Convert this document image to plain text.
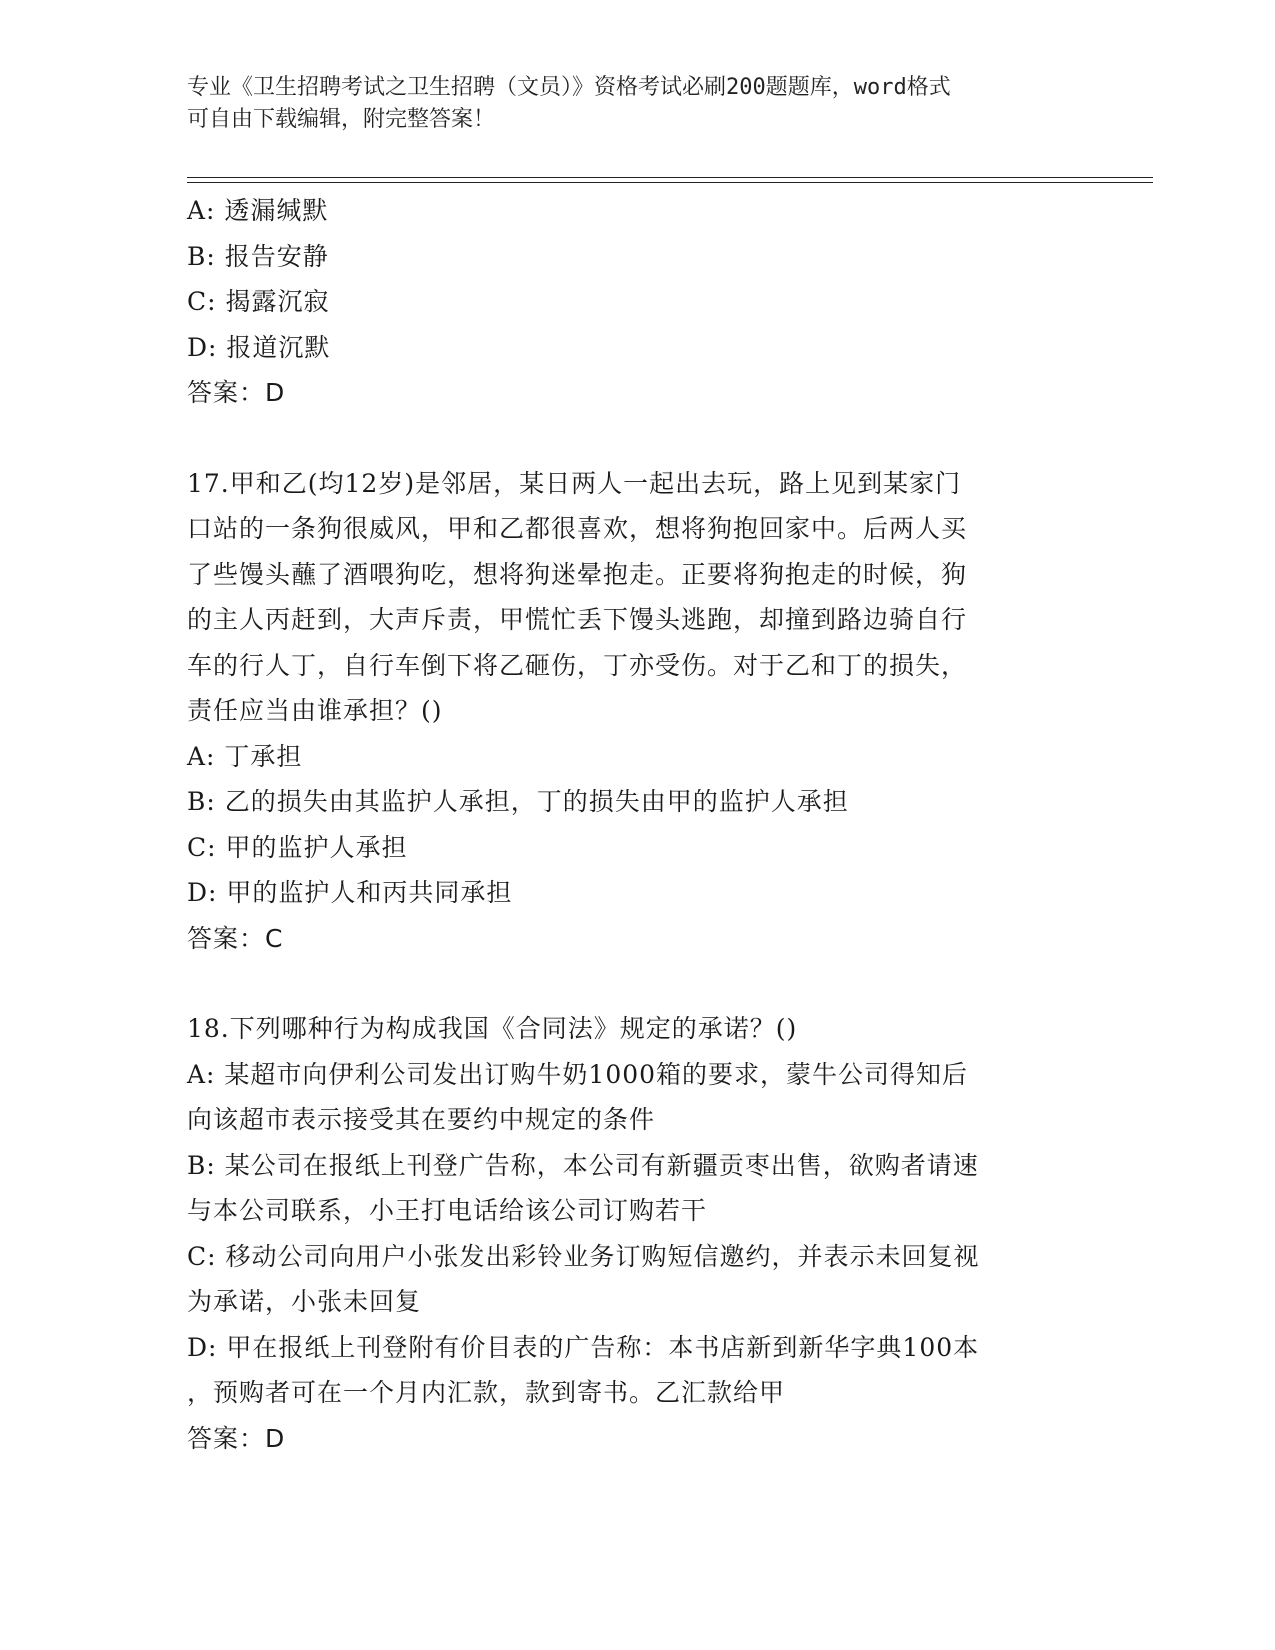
专业《卫生招聘考试之卫生招聘（文员）》资格考试必刷200题题库，word格式
可自由下载编辑，附完整答案！
A: 透漏缄默
B: 报告安静
C: 揭露沉寂
D: 报道沉默
答案：D
17.甲和乙(均12岁)是邻居，某日两人一起出去玩，路上见到某家门
口站的一条狗很威风，甲和乙都很喜欢，想将狗抱回家中。后两人买
了些馒头蘸了酒喂狗吃，想将狗迷晕抱走。正要将狗抱走的时候，狗
的主人丙赶到，大声斥责，甲慌忙丢下馒头逃跑，却撞到路边骑自行
车的行人丁，自行车倒下将乙砸伤，丁亦受伤。对于乙和丁的损失，
责任应当由谁承担？()
A: 丁承担
B: 乙的损失由其监护人承担，丁的损失由甲的监护人承担
C: 甲的监护人承担
D: 甲的监护人和丙共同承担
答案：C
18.下列哪种行为构成我国《合同法》规定的承诺？()
A: 某超市向伊利公司发出订购牛奶1000箱的要求，蒙牛公司得知后
向该超市表示接受其在要约中规定的条件
B: 某公司在报纸上刊登广告称，本公司有新疆贡枣出售，欲购者请速
与本公司联系，小王打电话给该公司订购若干
C: 移动公司向用户小张发出彩铃业务订购短信邀约，并表示未回复视
为承诺，小张未回复
D: 甲在报纸上刊登附有价目表的广告称：本书店新到新华字典100本
，预购者可在一个月内汇款，款到寄书。乙汇款给甲
答案：D
